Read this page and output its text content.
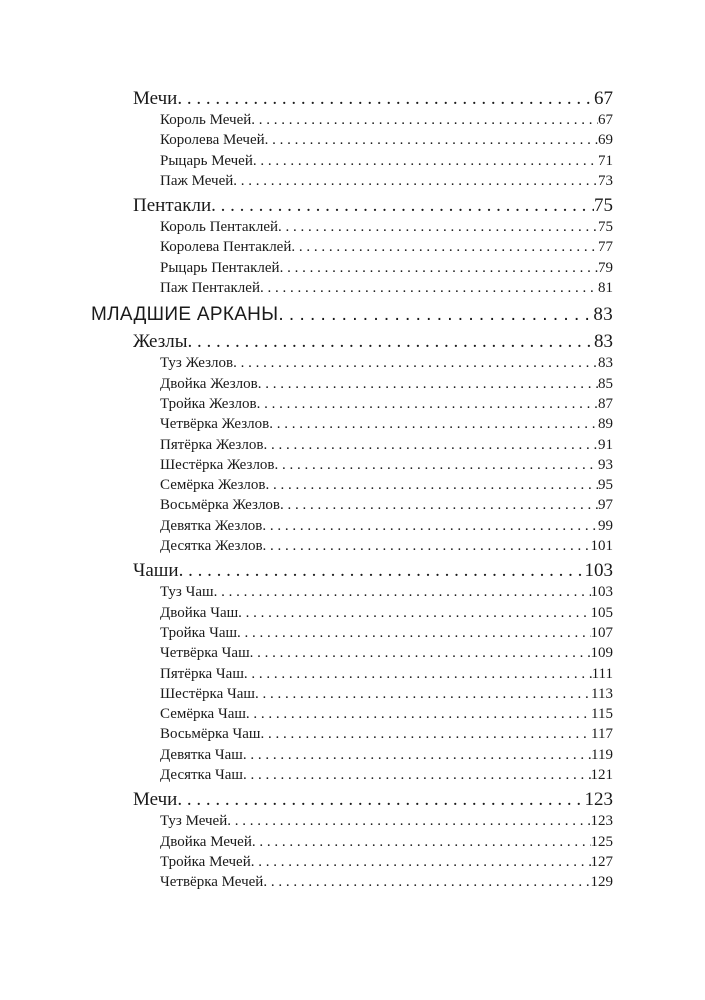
Мечи . . .	67
Король Мечей . . .	67
Королева Мечей . . .	69
Рыцарь Мечей . . .	71
Паж Мечей . . .	73
Пентакли . . .	75
Король Пентаклей . . .	75
Королева Пентаклей . . .	77
Рыцарь Пентаклей . . .	79
Паж Пентаклей . . .	81
МЛАДШИЕ АРКАНЫ . . .	83
Жезлы . . .	83
Туз Жезлов . . .	83
Двойка Жезлов . . .	85
Тройка Жезлов . . .	87
Четвёрка Жезлов . . .	89
Пятёрка Жезлов . . .	91
Шестёрка Жезлов . . .	93
Семёрка Жезлов . . .	95
Восьмёрка Жезлов . . .	97
Девятка Жезлов . . .	99
Десятка Жезлов . . .	101
Чаши . . .	103
Туз Чаш . . .	103
Двойка Чаш . . .	105
Тройка Чаш . . .	107
Четвёрка Чаш . . .	109
Пятёрка Чаш . . .	111
Шестёрка Чаш . . .	113
Семёрка Чаш . . .	115
Восьмёрка Чаш . . .	117
Девятка Чаш . . .	119
Десятка Чаш . . .	121
Мечи . . .	123
Туз Мечей . . .	123
Двойка Мечей . . .	125
Тройка Мечей . . .	127
Четвёрка Мечей . . .	129
